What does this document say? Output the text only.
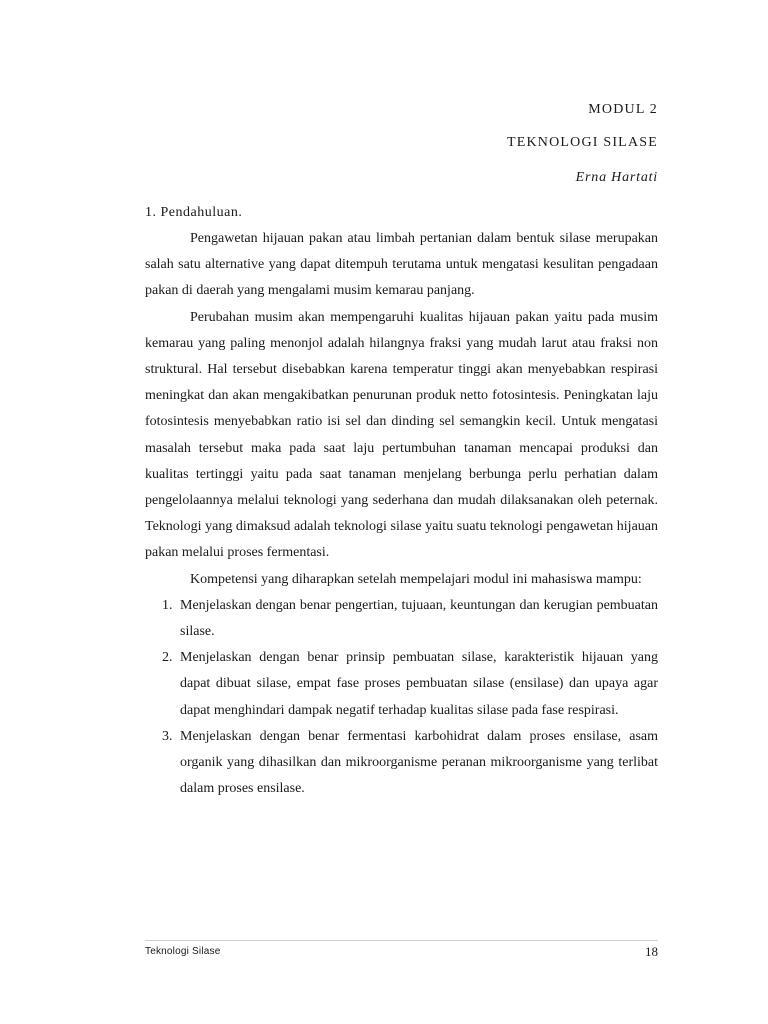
MODUL 2
TEKNOLOGI SILASE
Erna Hartati
1. Pendahuluan.

Pengawetan hijauan pakan atau limbah pertanian dalam bentuk silase merupakan salah satu alternative yang dapat ditempuh terutama untuk mengatasi kesulitan pengadaan pakan di daerah yang mengalami musim kemarau panjang.

Perubahan musim akan mempengaruhi kualitas hijauan pakan yaitu pada musim kemarau yang paling menonjol adalah hilangnya fraksi yang mudah larut atau fraksi non struktural. Hal tersebut disebabkan karena temperatur tinggi akan menyebabkan respirasi meningkat dan akan mengakibatkan penurunan produk netto fotosintesis. Peningkatan laju fotosintesis menyebabkan ratio isi sel dan dinding sel semangkin kecil. Untuk mengatasi masalah tersebut maka pada saat laju pertumbuhan tanaman mencapai produksi dan kualitas tertinggi yaitu pada saat tanaman menjelang berbunga perlu perhatian dalam pengelolaannya melalui teknologi yang sederhana dan mudah dilaksanakan oleh peternak. Teknologi yang dimaksud adalah teknologi silase yaitu suatu teknologi pengawetan hijauan pakan melalui proses fermentasi.

Kompetensi yang diharapkan setelah mempelajari modul ini mahasiswa mampu:

1. Menjelaskan dengan benar pengertian, tujuaan, keuntungan dan kerugian pembuatan silase.
2. Menjelaskan dengan benar prinsip pembuatan silase, karakteristik hijauan yang dapat dibuat silase, empat fase proses pembuatan silase (ensilase) dan upaya agar dapat menghindari dampak negatif terhadap kualitas silase pada fase respirasi.
3. Menjelaskan dengan benar fermentasi karbohidrat dalam proses ensilase, asam organik yang dihasilkan dan mikroorganisme peranan mikroorganisme yang terlibat dalam proses ensilase.
Teknologi Silase	18
